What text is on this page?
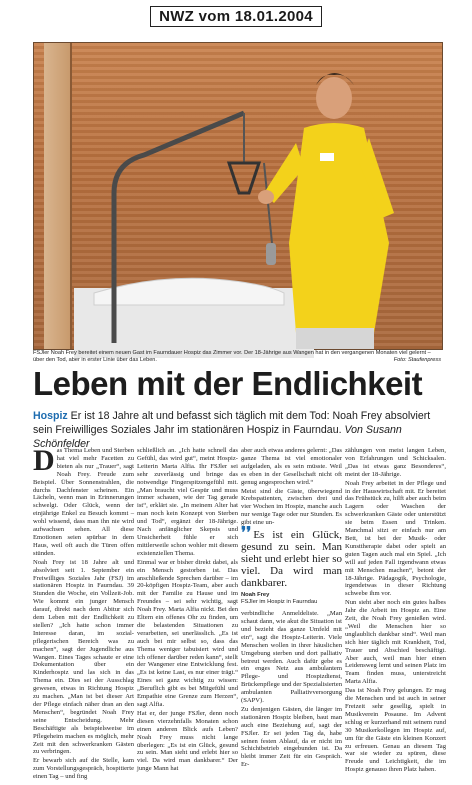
NWZ vom 18.01.2004
FSJler Noah Frey bereitet einem neuen Gast im Faurndauer Hospiz das Zimmer vor. Der 18-Jährige aus Wangen hat in den vergangenen Monaten viel gelernt – über den Tod, aber in erster Linie über das Leben.	Foto: Staufenpress
Leben mit der Endlichkeit
Hospiz Er ist 18 Jahre alt und befasst sich täglich mit dem Tod: Noah Frey absolviert sein Freiwilliges Soziales Jahr im stationären Hospiz in Faurndau. Von Susann Schönfelder

Das Thema Leben und Sterben hat viel mehr Facetten zu bieten als nur „Trauer“, sagt Noah Frey. Freude zum Beispiel. Über Sonnenstrahlen, die durchs Dachfenster scheinen. Ein Lächeln, wenn man in Erinnerungen schwelgt. Oder Glück, wenn der einjährige Enkel zu Besuch kommt – wohl wissend, dass man ihn nie wird aufwachsen sehen. All diese Emotionen seien spürbar in dem Haus, weil oft auch die Türen offen stünden.

Noah Frey ist 18 Jahre alt und absolviert seit 1. September ein Freiwilliges Soziales Jahr (FSJ) im stationären Hospiz in Faurndau. 39 Stunden die Woche, ein Vollzeit-Job. Wie kommt ein junger Mensch darauf, direkt nach dem Abitur sich dem Leben mit der Endlichkeit zu stellen? „Ich hatte schon immer Interesse daran, im sozial-pflegerischen Bereich was zu machen“, sagt der Jugendliche aus Wangen. Eines Tages schaute er eine Dokumentation über ein Kinderhospiz und las sich in das Thema ein. Dies sei der Ausschlag gewesen, etwas in Richtung Hospiz zu machen. „Man ist bei dieser Art der Pflege einfach näher dran an den Menschen“, begründet Noah Frey seine Entscheidung. Mehr Beschäftigte als beispielsweise im Pflegeheim machen es möglich, mehr Zeit mit den schwerkranken Gästen zu verbringen.

Er bewarb sich auf die Stelle, kam zum Vorstellungsgespräch, hospitierte einen Tag – und fing

schließlich an. „Ich hatte schnell das Gefühl, das wird gut“, meint Hospiz-Leiterin Marta Alfia. Ihr FSJler sei sehr zuverlässig und bringe das notwendige Fingerspitzengefühl mit. „Man braucht viel Gespür und muss immer schauen, wie der Tag gerade ist“, erklärt sie. „In meinem Alter hat man noch kein Konzept von Sterben und Tod“, ergänzt der 18-Jährige. Nach anfänglicher Skepsis und Unsicherheit fühle er sich mittlerweile schon wohler mit diesem existenziellen Thema.

Einmal war er bisher direkt dabei, als ein Mensch gestorben ist. Das anschließende Sprechen darüber – im 20-köpfigen Hospiz-Team, aber auch mit der Familie zu Hause und im Freundes – sei sehr wichtig, sagt Noah Frey. Marta Alfia nickt. Bei den Eltern ein offenes Ohr zu finden, um die belastenden Situationen zu verarbeiten, sei unerlässlich. „Es ist auch bei mir selbst so, dass das Thema weniger tabuisiert wird und ich offener darüber reden kann“, stellt der Wangener eine Entwicklung fest. „Es ist keine Last, es nur einer trägt.“ Eines sei ganz wichtig zu wissen: „Beruflich gibt es bei Mitgefühl und Empathie eine Grenze zum Herzen“, sagt Alfia.

Hat er, der junge FSJler, denn noch diesen vierzehnfalls Monaten schon einen anderen Blick aufs Leben? Noah Frey muss nicht lange überlegen: „Es ist ein Glück, gesund zu sein. Man sieht und erlebt hier so viel. Da wird man dankbarer.“ Der junge Mann hat

aber auch etwas anderes gelernt: „Das ganze Thema ist viel emotionaler aufgeladen, als es sein müsste. Weil es eben in der Gesellschaft nicht oft genug angesprochen wird.“

Meist sind die Gäste, überwiegend Krebspatienten, zwischen drei und vier Wochen im Hospiz, manche auch nur wenige Tage oder nur Stunden. Es gibt eine un-

❜❜ Es ist ein Glück, gesund zu sein. Man sieht und erlebt hier so viel. Da wird man dankbarer.
Noah Frey
FSJler im Hospiz in Faurndau

verbindliche Anmeldeliste. „Man schaut dann, wie akut die Situation ist und bezieht das ganze Umfeld mit ein“, sagt die Hospiz-Leiterin. Viele Menschen wollen in ihrer häuslichen Umgebung sterben und dort palliativ betreut werden. Auch dafür gebe es ein enges Netz aus ambulantem Pflege- und Hospizdienst, Brückenpflege und der Spezialisierten ambulanten Palliativversorgung (SAPV).

Zu denjenigen Gästen, die länger im stationären Hospiz bleiben, baut man auch eine Beziehung auf, sagt der FSJler. Er sei jeden Tag da, habe seinen festen Ablauf, da er nicht im Schichtbetrieb eingebunden ist. Da bleibt immer Zeit für ein Gespräch. Er-

zählungen von meist langen Leben, von Erfahrungen und Schicksalen. „Das ist etwas ganz Besonderes“, meint der 18-Jährige.

Noah Frey arbeitet in der Pflege und in der Hauswirtschaft mit. Er bereitet das Frühstück zu, hilft aber auch beim Lagern oder Waschen der schwerkranken Gäste oder unterstützt sie beim Essen und Trinken. Manchmal sitzt er einfach nur am Bett, ist bei der Musik- oder Kunsttherapie dabei oder spielt an guten Tagen auch mal ein Spiel. „Ich will auf jeden Fall irgendwann etwas mit Menschen machen“, betont der 18-Jährige. Pädagogik, Psychologie, irgendetwas in dieser Richtung schwebe ihm vor.

Nun sieht aber noch ein gutes halbes Jahr die Arbeit im Hospiz an. Eine Zeit, die Noah Frey genießen wird. „Weil die Menschen hier so unglaublich dankbar sind“. Weil man sich hier täglich mit Krankheit, Tod, Trauer und Abschied beschäftigt. Aber auch, weil man hier einen Leidensweg lernt und seinen Platz im Team finden muss, unterstreicht Marta Alfia.

Das ist Noah Frey gelungen. Er mag die Menschen und ist auch in seiner Freizeit sehr gesellig, spielt in Musikverein Posaune. Im Advent schlug er kurzerhand mit seinem rund 30 Musikerkollegen im Hospiz auf, um für die Gäste ein kleinen Konzert zu erfreuen. Genau an diesem Tag war sie wieder zu spüren, diese Freude und Leichtigkeit, die im Hospiz genauso ihren Platz haben.
